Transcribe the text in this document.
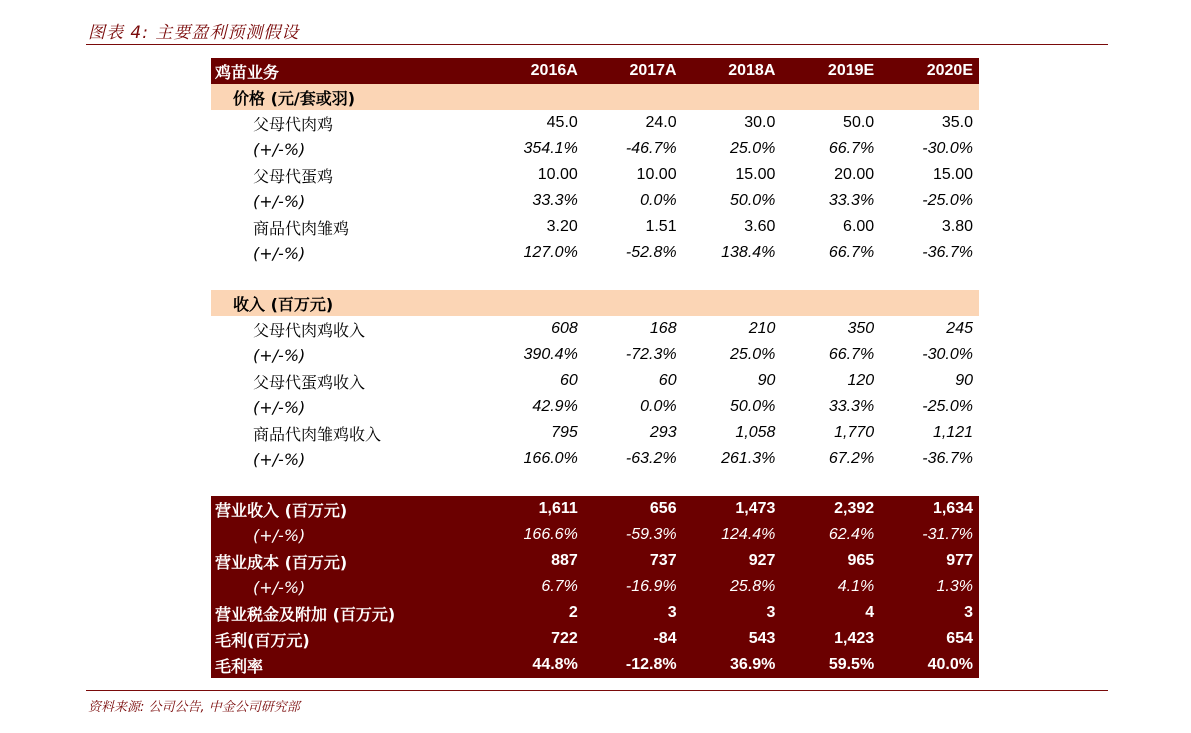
图表 4: 主要盈利预测假设
鸡苗业务	2016A	2017A	2018A	2019E	2020E
价格 (元/套或羽)					
父母代肉鸡	45.0	24.0	30.0	50.0	35.0
(+/-%)	354.1%	-46.7%	25.0%	66.7%	-30.0%
父母代蛋鸡	10.00	10.00	15.00	20.00	15.00
(+/-%)	33.3%	0.0%	50.0%	33.3%	-25.0%
商品代肉雏鸡	3.20	1.51	3.60	6.00	3.80
(+/-%)	127.0%	-52.8%	138.4%	66.7%	-36.7%

收入 (百万元)					
父母代肉鸡收入	608	168	210	350	245
(+/-%)	390.4%	-72.3%	25.0%	66.7%	-30.0%
父母代蛋鸡收入	60	60	90	120	90
(+/-%)	42.9%	0.0%	50.0%	33.3%	-25.0%
商品代肉雏鸡收入	795	293	1,058	1,770	1,121
(+/-%)	166.0%	-63.2%	261.3%	67.2%	-36.7%

营业收入 (百万元)	1,611	656	1,473	2,392	1,634
(+/-%)	166.6%	-59.3%	124.4%	62.4%	-31.7%
营业成本 (百万元)	887	737	927	965	977
(+/-%)	6.7%	-16.9%	25.8%	4.1%	1.3%
营业税金及附加 (百万元)	2	3	3	4	3
毛利(百万元)	722	-84	543	1,423	654
毛利率	44.8%	-12.8%	36.9%	59.5%	40.0%
资料来源: 公司公告, 中金公司研究部
